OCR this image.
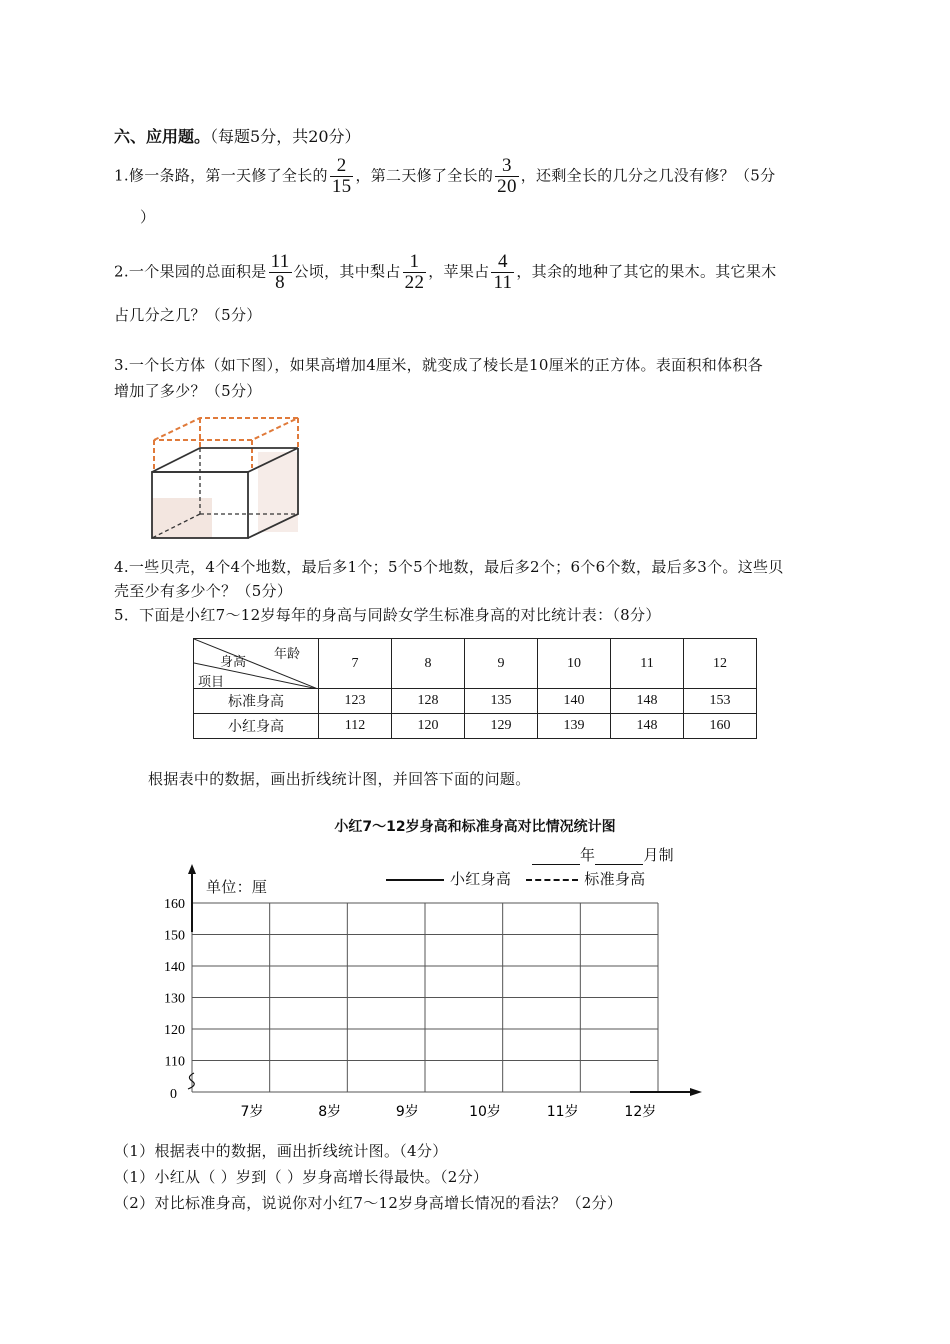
六、应用题。（每题5分，共20分）
1.修一条路，第一天修了全长的 $\frac{2}{15}$ ，第二天修了全长的 $\frac{3}{20}$ ，还剩全长的几分之几没有修？（5分
）
2.一个果园的总面积是 $\frac{11}{8}$ 公顷，其中梨占 $\frac{1}{22}$ ，苹果占 $\frac{4}{11}$ ，其余的地种了其它的果木。其它果木
占几分之几？（5分）
3.一个长方体（如下图），如果高增加4厘米，就变成了棱长是10厘米的正方体。表面积和体积各
增加了多少？（5分）
4.一些贝壳，4个4个地数，最后多1个；5个5个地数，最后多2个；6个6个数，最后多3个。这些贝
壳至少有多少个？（5分）
5．下面是小红7～12岁每年的身高与同龄女学生标准身高的对比统计表：（8分）
年龄
身高
项目	7	8	9	10	11	12
标准身高	123	128	135	140	148	153
小红身高	112	120	129	139	148	160
根据表中的数据，画出折线统计图，并回答下面的问题。
小红7～12岁身高和标准身高对比情况统计图
年	月制
单位：厘	小红身高	标准身高
160
150
140
130
120
110
0
7岁	8岁	9岁	10岁	11岁	12岁
（1）根据表中的数据，画出折线统计图。（4分）
（1）小红从（ ）岁到（ ）岁身高增长得最快。（2分）
（2）对比标准身高，说说你对小红7～12岁身高增长情况的看法？（2分）
